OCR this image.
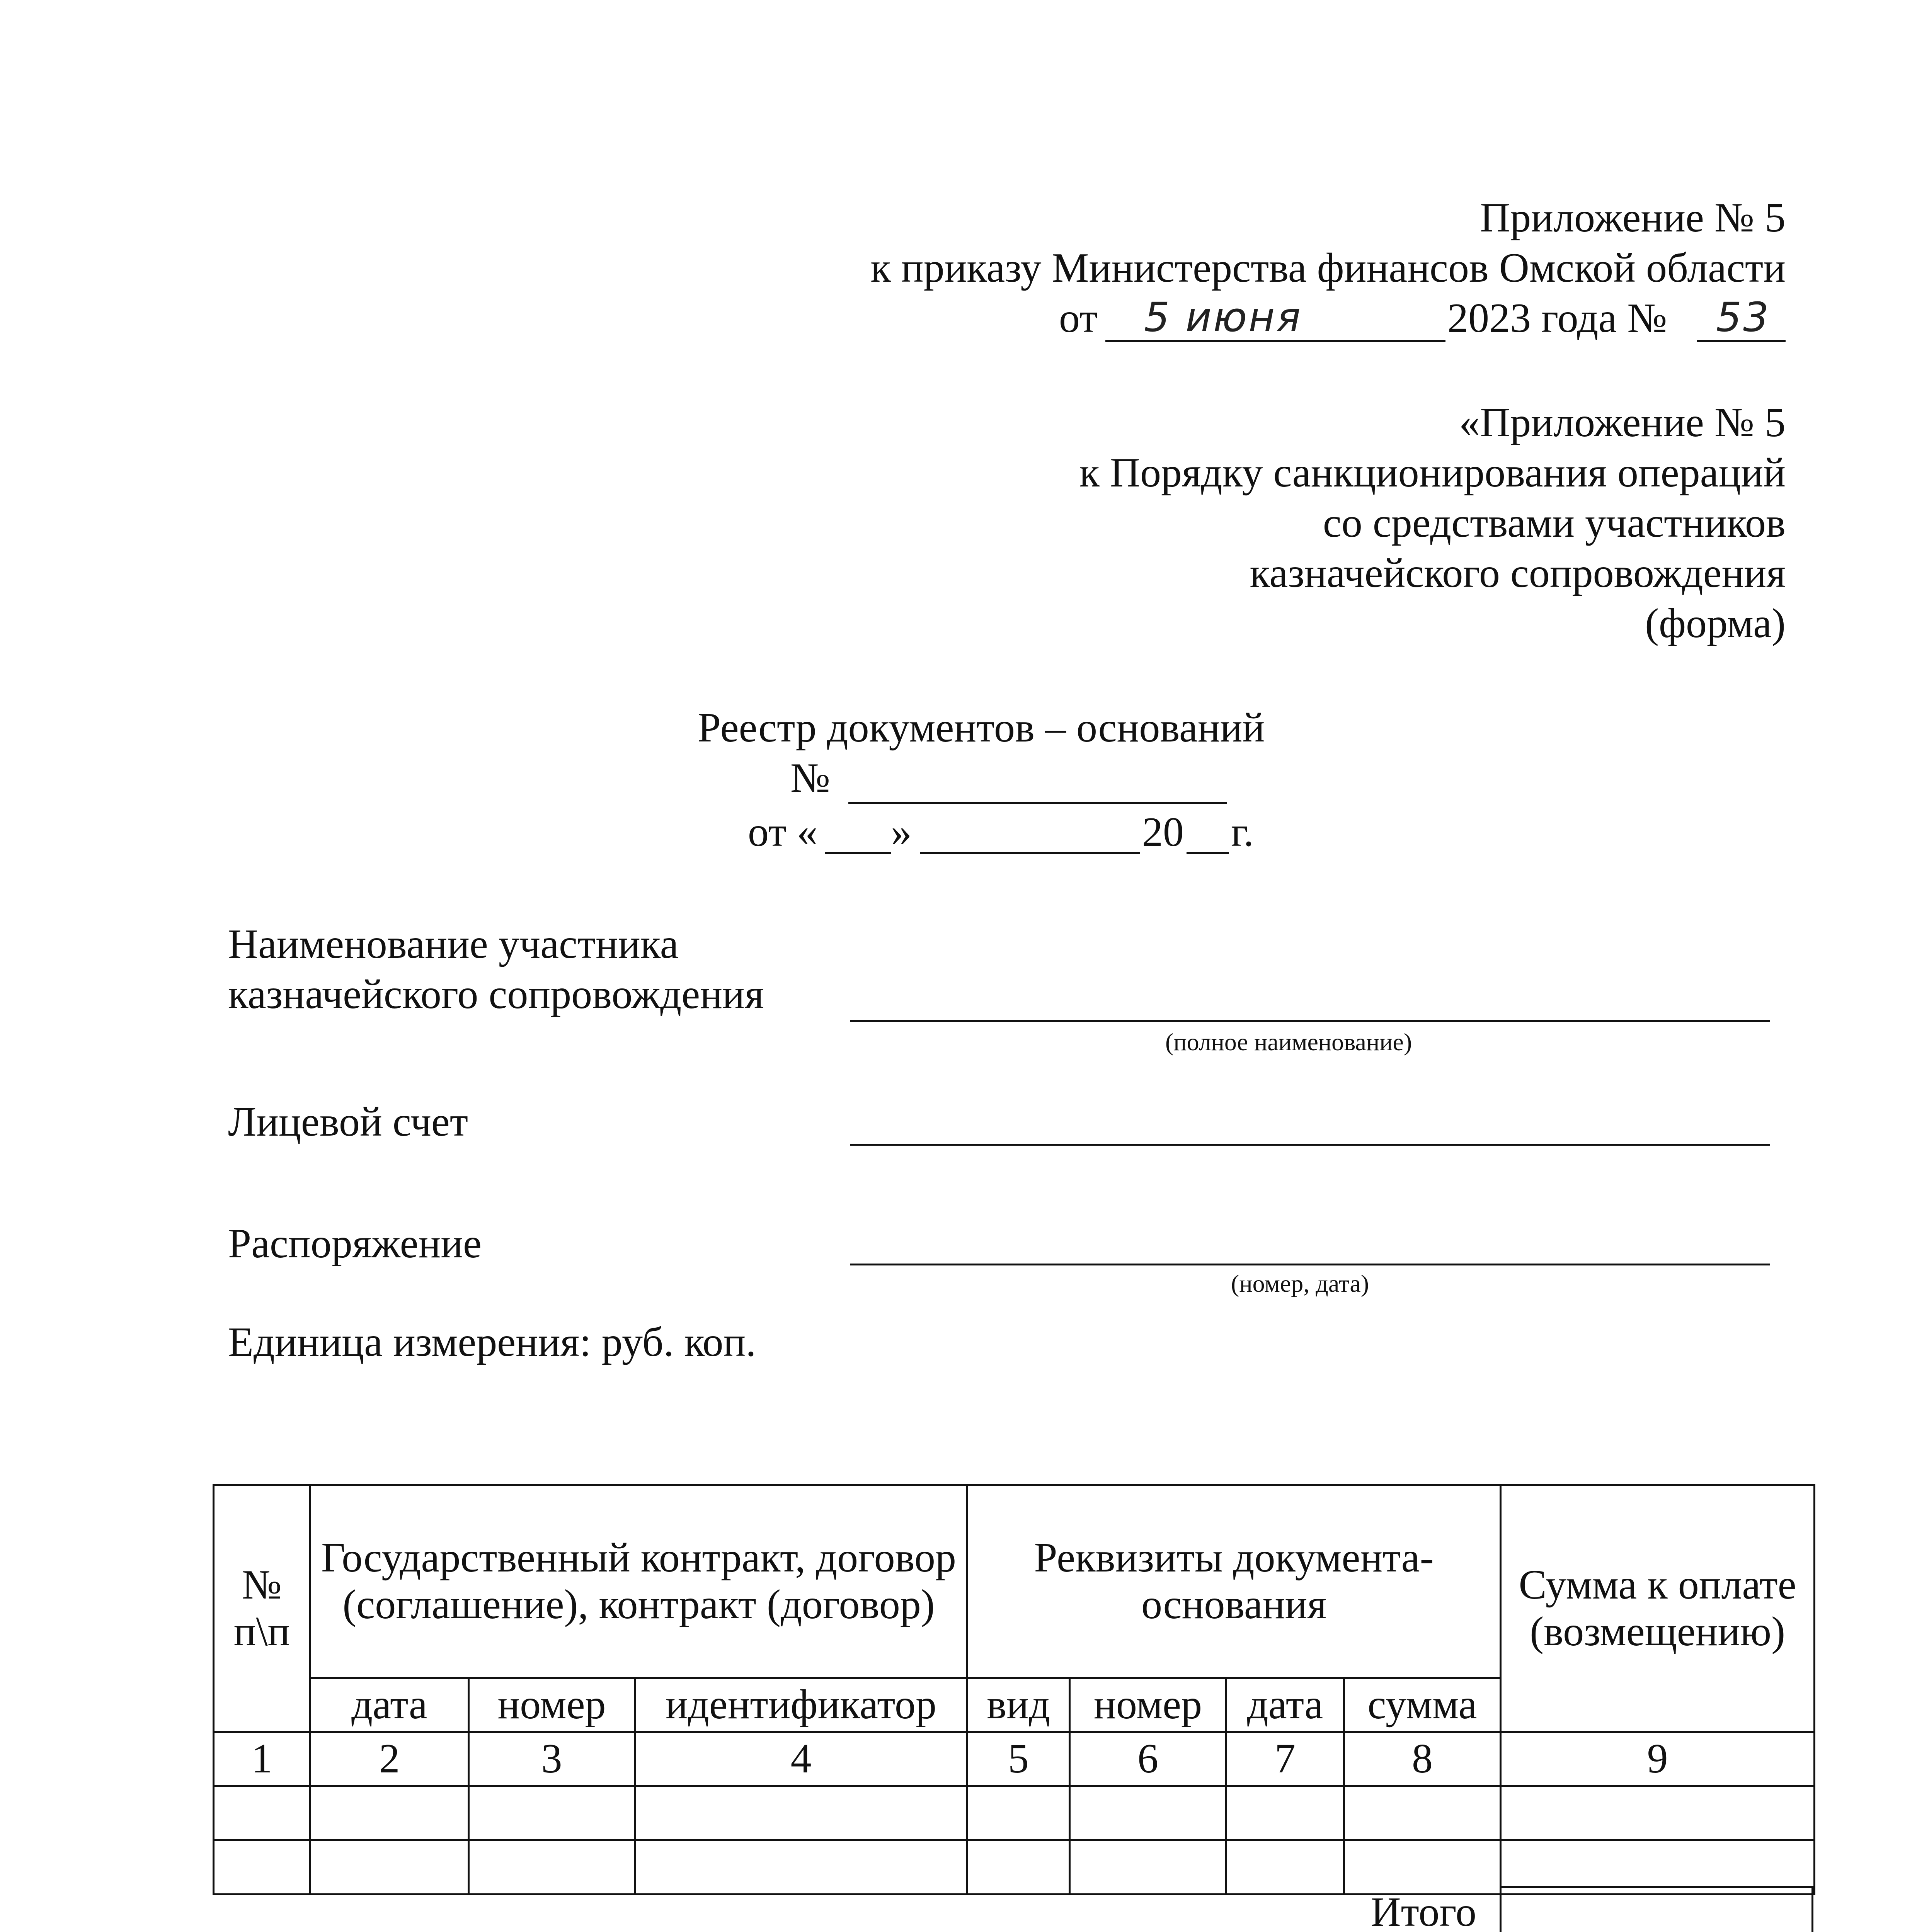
Приложение № 5
к приказу Министерства финансов Омской области
от 5 июня	2023 года № 53
«Приложение № 5
к Порядку санкционирования операций
со средствами участников
казначейского сопровождения
(форма)
Реестр документов – оснований
№
от « »	20 г.
Наименование участника
казначейского сопровождения
(полное наименование)
Лицевой счет
Распоряжение
(номер, дата)
Единица измерения: руб. коп.
№ п\п	Государственный контракт, договор (соглашение), контракт (договор)			Реквизиты документа-основания				Сумма к оплате (возмещению)
	дата	номер	идентификатор	вид	номер	дата	сумма	
1	2	3	4	5	6	7	8	9

Итого
